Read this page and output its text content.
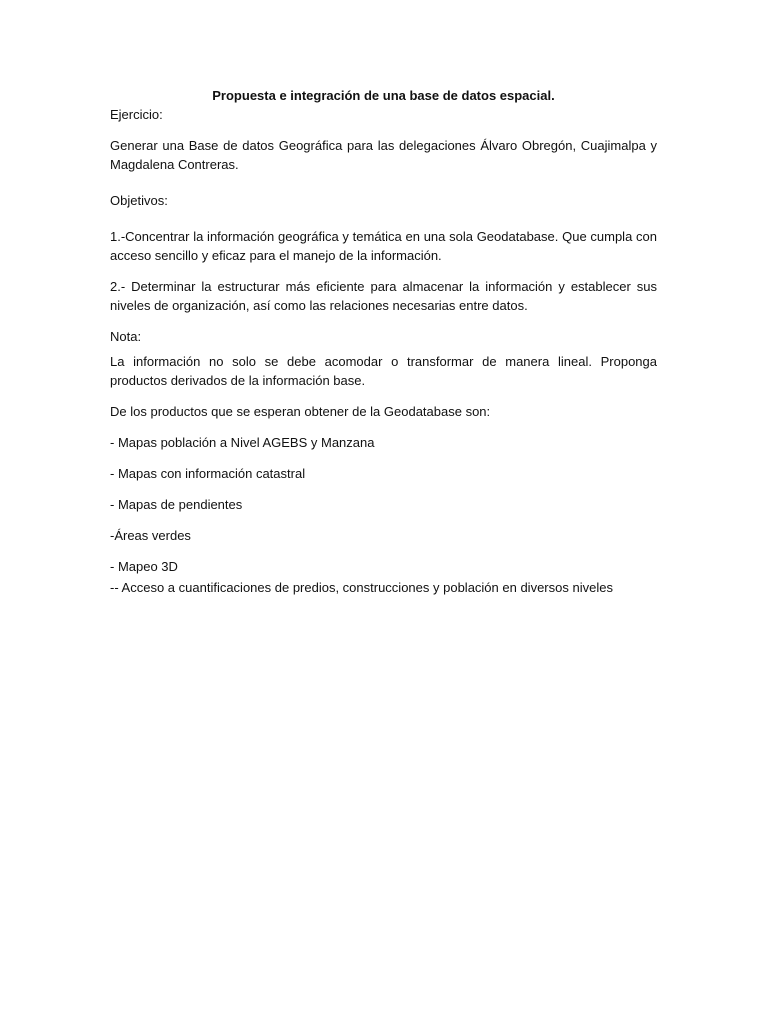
Propuesta e integración de una base de datos espacial.

Ejercicio:

Generar una Base de datos Geográfica para las delegaciones Álvaro Obregón, Cuajimalpa y Magdalena Contreras.

Objetivos:

1.-Concentrar la información geográfica y temática en una sola Geodatabase. Que cumpla con acceso sencillo y eficaz para el manejo de la información.

2.- Determinar la estructurar más eficiente para almacenar la información y establecer sus niveles de organización, así como las relaciones necesarias entre datos.

Nota:

La información no solo se debe acomodar o transformar de manera lineal. Proponga productos derivados de la información base.

De los productos que se esperan obtener de la Geodatabase son:

- Mapas población a Nivel AGEBS y Manzana

- Mapas con información catastral

- Mapas de pendientes

-Áreas verdes

- Mapeo 3D

-- Acceso a cuantificaciones de predios, construcciones y población en diversos niveles
